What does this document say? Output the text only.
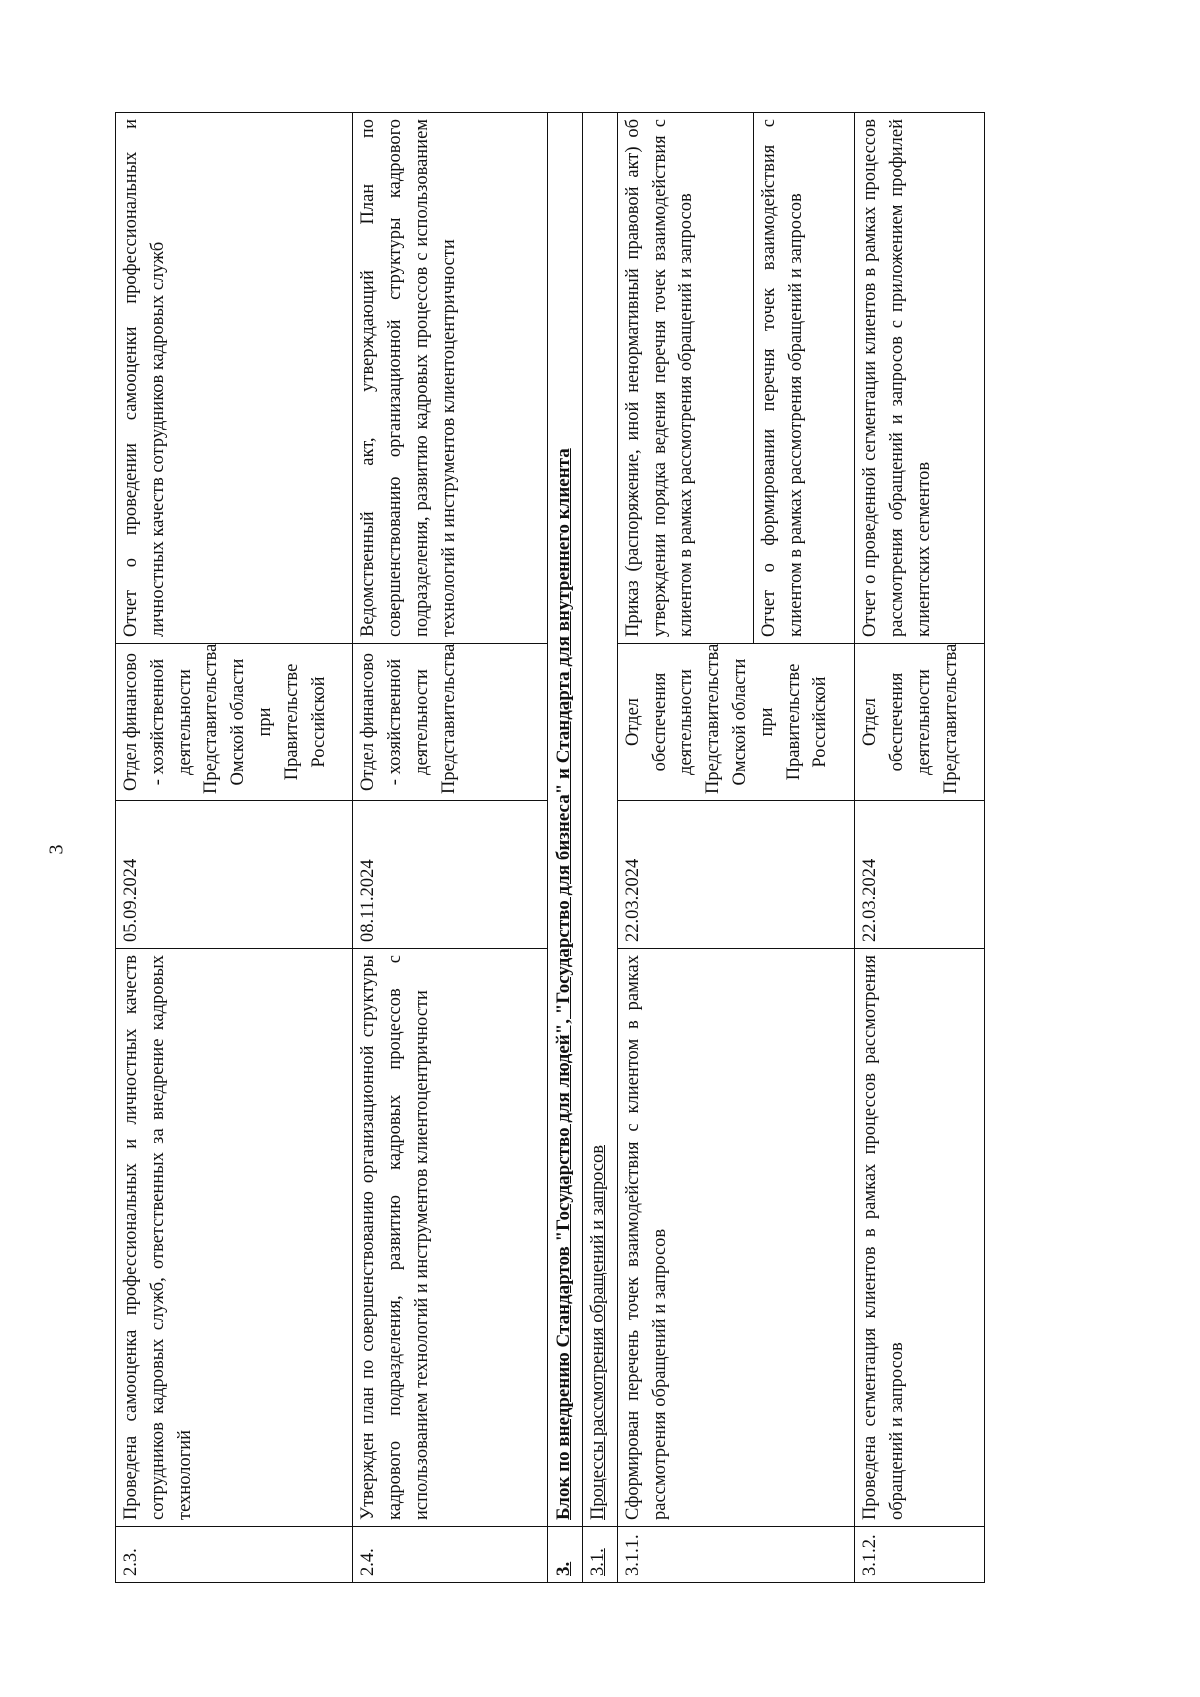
3
2.3.	Проведена самооценка профессиональных и личностных качеств сотрудников кадровых служб, ответственных за внедрение кадровых технологий	05.09.2024	Отдел финансово - хозяйственной деятельности Представительства Омской области при Правительстве Российской	Отчет о проведении самооценки профессиональных и личностных качеств сотрудников кадровых служб
2.4.	Утвержден план по совершенствованию организационной структуры кадрового подразделения, развитию кадровых процессов с использованием технологий и инструментов клиентоцентричности	08.11.2024	Отдел финансово - хозяйственной деятельности Представительства	Ведомственный акт, утверждающий План по совершенствованию организационной структуры кадрового подразделения, развитию кадровых процессов с использованием технологий и инструментов клиентоцентричности
3.	Блок по внедрению Стандартов "Государство для людей", "Государство для бизнеса" и Стандарта для внутреннего клиента			
3.1.	Процессы рассмотрения обращений и запросов			
3.1.1.	Сформирован перечень точек взаимодействия с клиентом в рамках рассмотрения обращений и запросов	22.03.2024	Отдел обеспечения деятельности Представительства Омской области при Правительстве Российской	Приказ (распоряжение, иной ненормативный правовой акт) об утверждении порядка ведения перечня точек взаимодействия с клиентом в рамках рассмотрения обращений и запросов
				Отчет о формировании перечня точек взаимодействия с клиентом в рамках рассмотрения обращений и запросов
3.1.2.	Проведена сегментация клиентов в рамках процессов рассмотрения обращений и запросов	22.03.2024	Отдел обеспечения деятельности Представительства	Отчет о проведенной сегментации клиентов в рамках процессов рассмотрения обращений и запросов с приложением профилей клиентских сегментов
